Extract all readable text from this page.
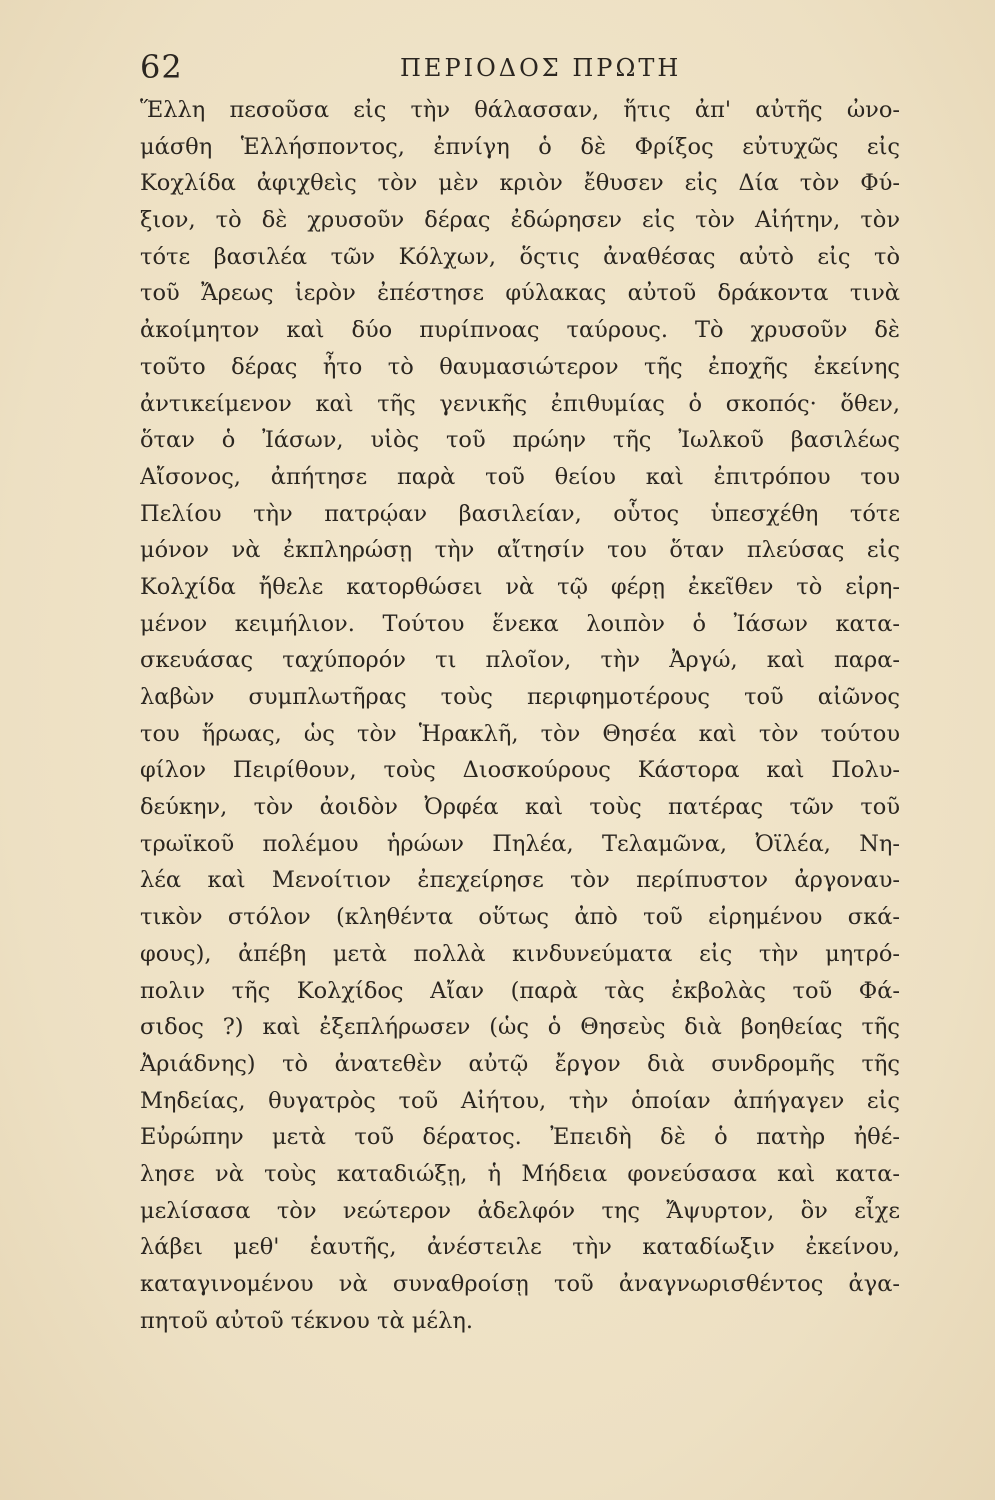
62	ΠΕΡΙΟΔΟΣ ΠΡΩΤΗ
Ἕλλη πεσοῦσα εἰς τὴν θάλασσαν, ἥτις ἀπ' αὐτῆς ὠνο-
μάσθη Ἑλλήσποντος, ἐπνίγη ὁ δὲ Φρίξος εὐτυχῶς εἰς
Κοχλίδα ἀφιχθεὶς τὸν μὲν κριὸν ἔθυσεν εἰς Δία τὸν Φύ-
ξιον, τὸ δὲ χρυσοῦν δέρας ἐδώρησεν εἰς τὸν Αἰήτην, τὸν
τότε βασιλέα τῶν Κόλχων, ὅςτις ἀναθέσας αὐτὸ εἰς τὸ
τοῦ Ἄρεως ἱερὸν ἐπέστησε φύλακας αὐτοῦ δράκοντα τινὰ
ἀκοίμητον καὶ δύο πυρίπνοας ταύρους. Τὸ χρυσοῦν δὲ
τοῦτο δέρας ἦτο τὸ θαυμασιώτερον τῆς ἐποχῆς ἐκείνης
ἀντικείμενον καὶ τῆς γενικῆς ἐπιθυμίας ὁ σκοπός· ὅθεν,
ὅταν ὁ Ἰάσων, υἱὸς τοῦ πρώην τῆς Ἰωλκοῦ βασιλέως
Αἴσονος, ἀπήτησε παρὰ τοῦ θείου καὶ ἐπιτρόπου του
Πελίου τὴν πατρῴαν βασιλείαν, οὗτος ὑπεσχέθη τότε
μόνον νὰ ἐκπληρώσῃ τὴν αἴτησίν του ὅταν πλεύσας εἰς
Κολχίδα ἤθελε κατορθώσει νὰ τῷ φέρῃ ἐκεῖθεν τὸ εἰρη-
μένον κειμήλιον. Τούτου ἕνεκα λοιπὸν ὁ Ἰάσων κατα-
σκευάσας ταχύπορόν τι πλοῖον, τὴν Ἀργώ, καὶ παρα-
λαβὼν συμπλωτῆρας τοὺς περιφημοτέρους τοῦ αἰῶνος
του ἥρωας, ὡς τὸν Ἡρακλῆ, τὸν Θησέα καὶ τὸν τούτου
φίλον Πειρίθουν, τοὺς Διοσκούρους Κάστορα καὶ Πολυ-
δεύκην, τὸν ἀοιδὸν Ὀρφέα καὶ τοὺς πατέρας τῶν τοῦ
τρωϊκοῦ πολέμου ἡρώων Πηλέα, Τελαμῶνα, Ὀϊλέα, Νη-
λέα καὶ Μενοίτιον ἐπεχείρησε τὸν περίπυστον ἀργοναυ-
τικὸν στόλον (κληθέντα οὕτως ἀπὸ τοῦ εἰρημένου σκά-
φους), ἀπέβη μετὰ πολλὰ κινδυνεύματα εἰς τὴν μητρό-
πολιν τῆς Κολχίδος Αἴαν (παρὰ τὰς ἐκβολὰς τοῦ Φά-
σιδος ?) καὶ ἐξεπλήρωσεν (ὡς ὁ Θησεὺς διὰ βοηθείας τῆς
Ἀριάδνης) τὸ ἀνατεθὲν αὐτῷ ἔργον διὰ συνδρομῆς τῆς
Μηδείας, θυγατρὸς τοῦ Αἰήτου, τὴν ὁποίαν ἀπήγαγεν εἰς
Εὐρώπην μετὰ τοῦ δέρατος. Ἐπειδὴ δὲ ὁ πατὴρ ἠθέ-
λησε νὰ τοὺς καταδιώξῃ, ἡ Μήδεια φονεύσασα καὶ κατα-
μελίσασα τὸν νεώτερον ἀδελφόν της Ἄψυρτον, ὃν εἶχε
λάβει μεθ' ἑαυτῆς, ἀνέστειλε τὴν καταδίωξιν ἐκείνου,
καταγινομένου νὰ συναθροίσῃ τοῦ ἀναγνωρισθέντος ἀγα-
πητοῦ αὐτοῦ τέκνου τὰ μέλη.
